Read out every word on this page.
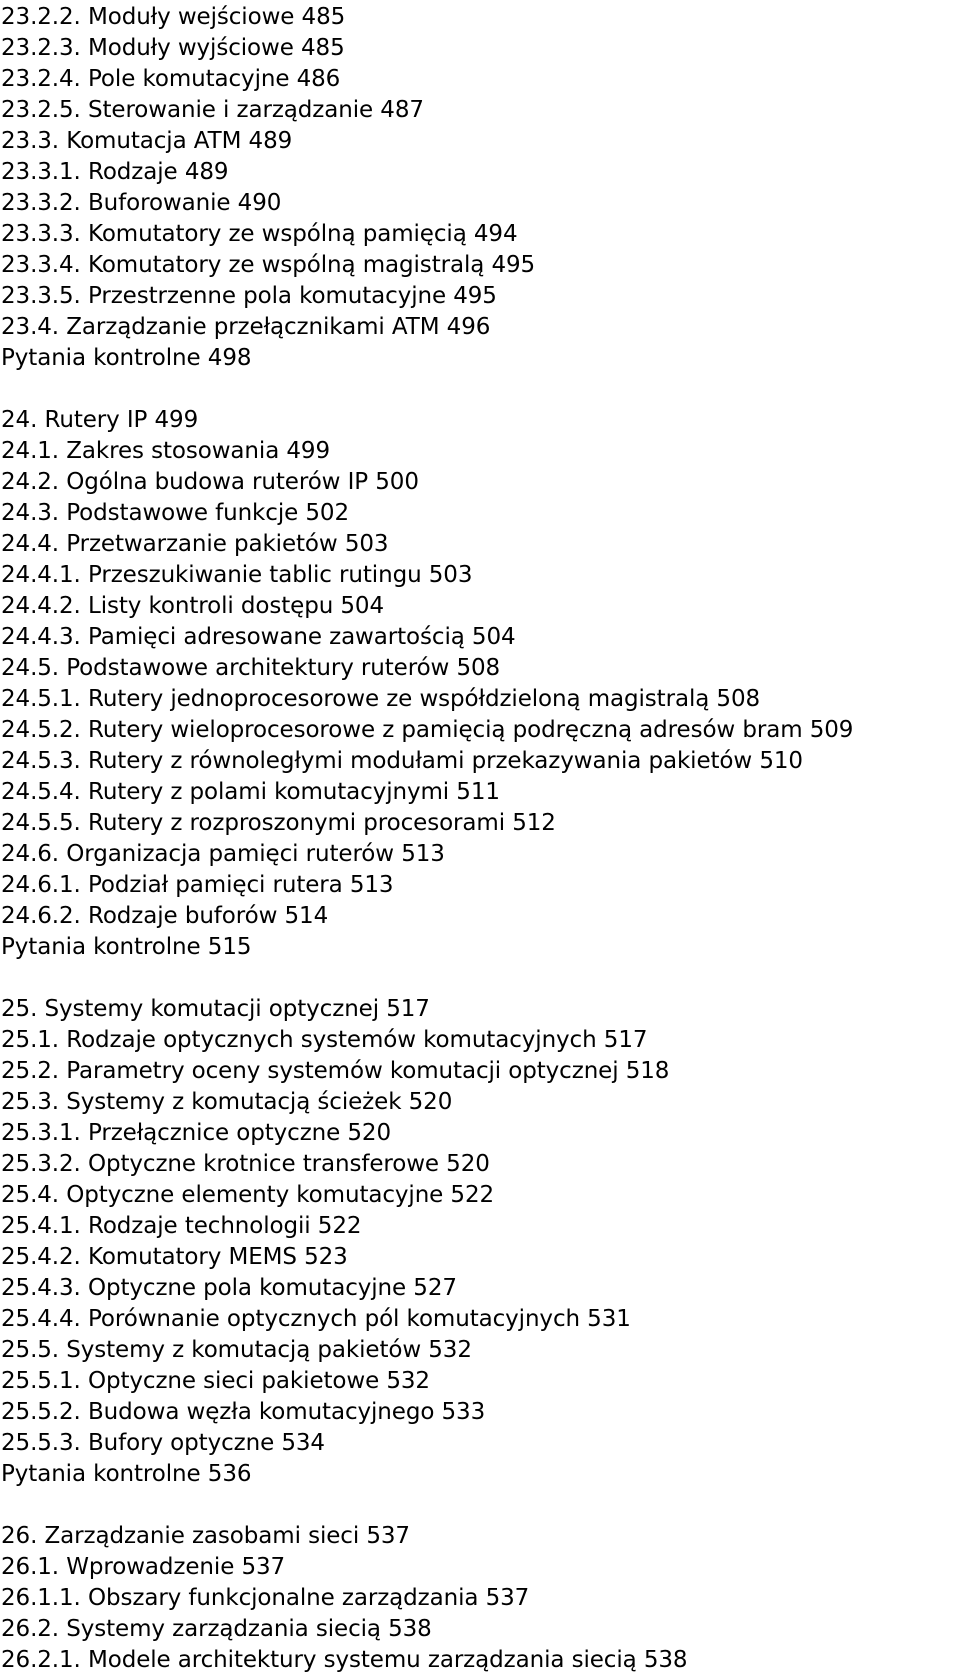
23.2.2. Moduły wejściowe 485
23.2.3. Moduły wyjściowe 485
23.2.4. Pole komutacyjne 486
23.2.5. Sterowanie i zarządzanie 487
23.3. Komutacja ATM 489
23.3.1. Rodzaje 489
23.3.2. Buforowanie 490
23.3.3. Komutatory ze wspólną pamięcią 494
23.3.4. Komutatory ze wspólną magistralą 495
23.3.5. Przestrzenne pola komutacyjne 495
23.4. Zarządzanie przełącznikami ATM 496
Pytania kontrolne 498
24. Rutery IP 499
24.1. Zakres stosowania 499
24.2. Ogólna budowa ruterów IP 500
24.3. Podstawowe funkcje 502
24.4. Przetwarzanie pakietów 503
24.4.1. Przeszukiwanie tablic rutingu 503
24.4.2. Listy kontroli dostępu 504
24.4.3. Pamięci adresowane zawartością 504
24.5. Podstawowe architektury ruterów 508
24.5.1. Rutery jednoprocesorowe ze współdzieloną magistralą 508
24.5.2. Rutery wieloprocesorowe z pamięcią podręczną adresów bram 509
24.5.3. Rutery z równoległymi modułami przekazywania pakietów 510
24.5.4. Rutery z polami komutacyjnymi 511
24.5.5. Rutery z rozproszonymi procesorami 512
24.6. Organizacja pamięci ruterów 513
24.6.1. Podział pamięci rutera 513
24.6.2. Rodzaje buforów 514
Pytania kontrolne 515
25. Systemy komutacji optycznej 517
25.1. Rodzaje optycznych systemów komutacyjnych 517
25.2. Parametry oceny systemów komutacji optycznej 518
25.3. Systemy z komutacją ścieżek 520
25.3.1. Przełącznice optyczne 520
25.3.2. Optyczne krotnice transferowe 520
25.4. Optyczne elementy komutacyjne 522
25.4.1. Rodzaje technologii 522
25.4.2. Komutatory MEMS 523
25.4.3. Optyczne pola komutacyjne 527
25.4.4. Porównanie optycznych pól komutacyjnych 531
25.5. Systemy z komutacją pakietów 532
25.5.1. Optyczne sieci pakietowe 532
25.5.2. Budowa węzła komutacyjnego 533
25.5.3. Bufory optyczne 534
Pytania kontrolne 536
26. Zarządzanie zasobami sieci 537
26.1. Wprowadzenie 537
26.1.1. Obszary funkcjonalne zarządzania 537
26.2. Systemy zarządzania siecią 538
26.2.1. Modele architektury systemu zarządzania siecią 538
